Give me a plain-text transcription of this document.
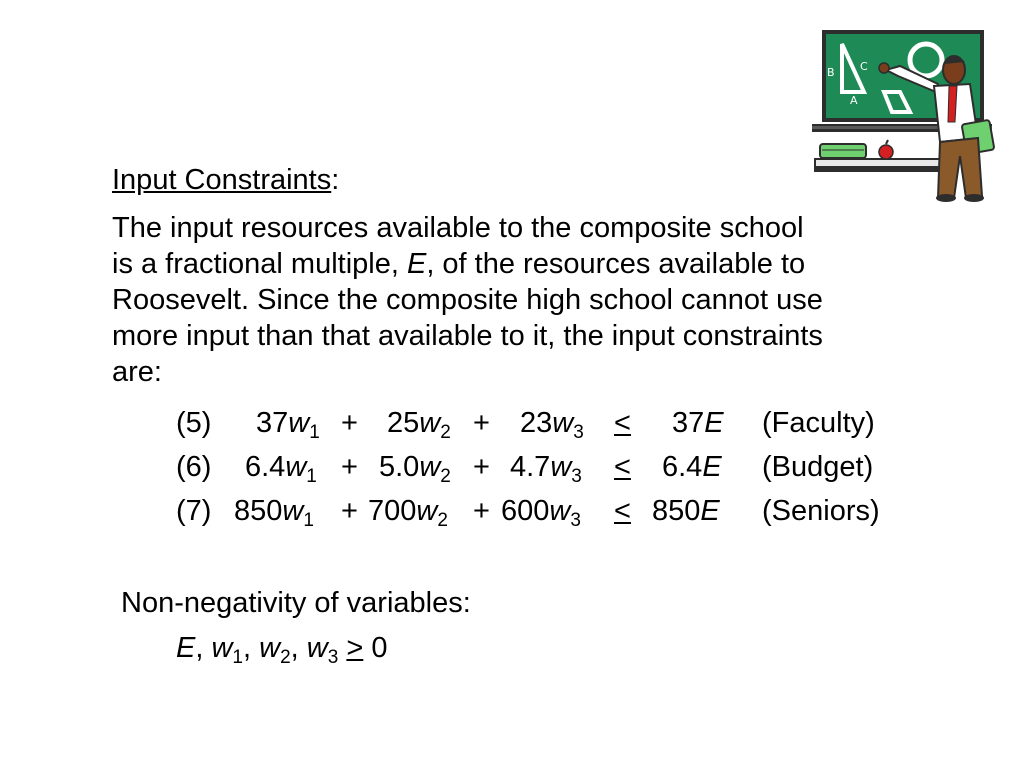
B C
A
Input Constraints:
The input resources available to the composite school
is a fractional multiple, E, of the resources available to
Roosevelt. Since the composite high school cannot use
more input than that available to it, the input constraints
are:
(5) $37w_1 + 25w_2 + 23w_3 < 37E$ (Faculty)
(6) $6.4w_1 + 5.0w_2 + 4.7w_3 < 6.4E$ (Budget)
(7) $850w_1 + 700w_2 + 600w_3 < 850E$ (Seniors)
Non-negativity of variables:
E, $w_1$, $w_2$, $w_3 > 0$
